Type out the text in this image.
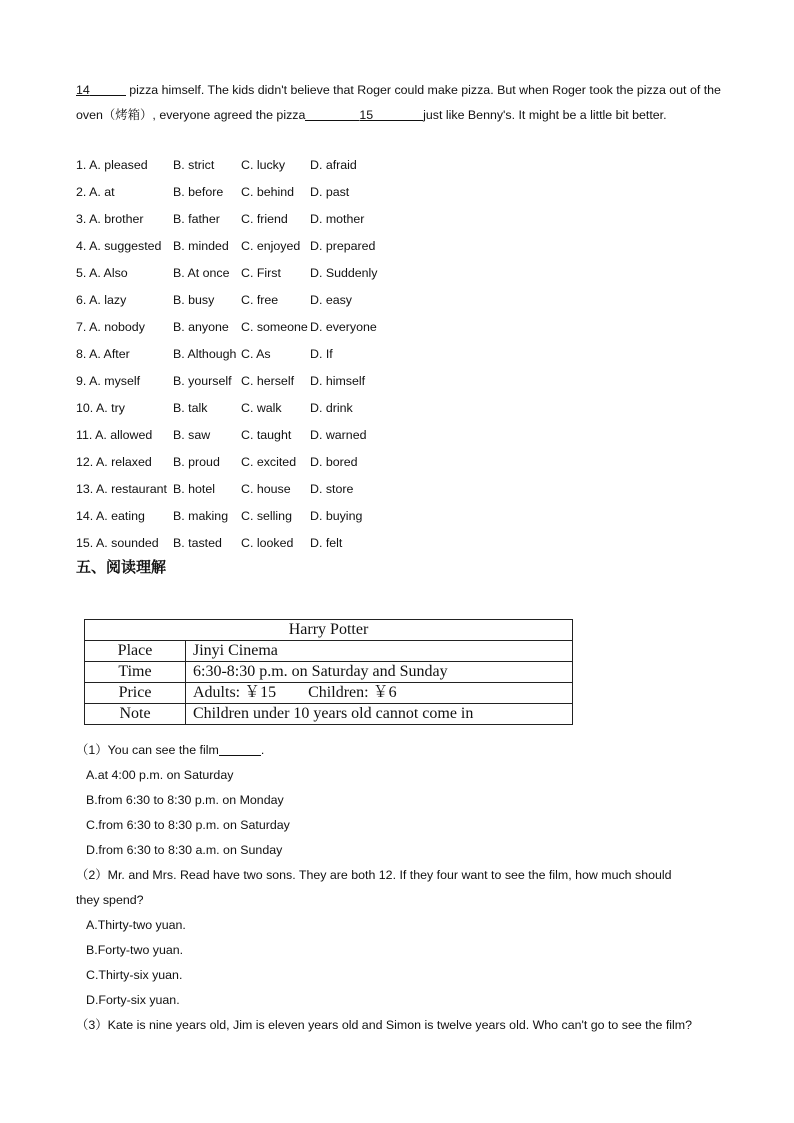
14	pizza himself. The kids didn't believe that Roger could make pizza. But when Roger took the pizza out of the oven（烤箱）, everyone agreed the pizza	15	just like Benny's. It might be a little bit better.
1. A. pleased B. strict C. lucky D. afraid
2. A. at	B. before C. behind D. past
3. A. brother B. father C. friend D. mother
4. A. suggested B. minded C. enjoyed D. prepared
5. A. Also	B. At once C. First D. Suddenly
6. A. lazy	B. busy C. free	D. easy
7. A. nobody B. anyone C. someone D. everyone
8. A. After	B. Although C. As	D. If
9. A. myself	B. yourself C. herself D. himself
10. A. try	B. talk	C. walk D. drink
11. A. allowed B. saw C. taught D. warned
12. A. relaxed B. proud C. excited D. bored
13. A. restaurant B. hotel C. house D. store
14. A. eating B. making C. selling D. buying
15. A. sounded B. tasted C. looked D. felt
五、阅读理解
Harry Potter	
Place	Jinyi Cinema
Time	6:30-8:30 p.m. on Saturday and Sunday
Price	Adults: ￥15 Children: ￥6
Note	Children under 10 years old cannot come in
（1）You can see the film	.
A.at 4:00 p.m. on Saturday
B.from 6:30 to 8:30 p.m. on Monday
C.from 6:30 to 8:30 p.m. on Saturday
D.from 6:30 to 8:30 a.m. on Sunday
（2）Mr. and Mrs. Read have two sons. They are both 12. If they four want to see the film, how much should
they spend?
A.Thirty-two yuan.
B.Forty-two yuan.
C.Thirty-six yuan.
D.Forty-six yuan.
（3）Kate is nine years old, Jim is eleven years old and Simon is twelve years old. Who can't go to see the film?
